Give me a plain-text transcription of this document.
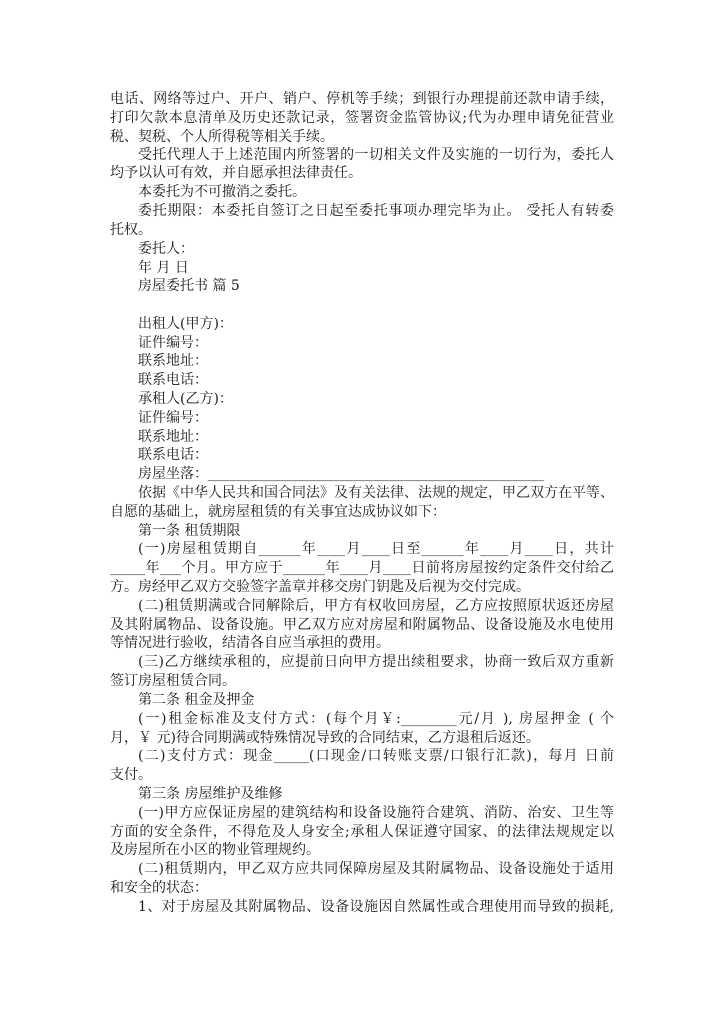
电话、网络等过户、开户、销户、停机等手续；到银行办理提前还款申请手续，
打印欠款本息清单及历史还款记录，签署资金监管协议;代为办理申请免征营业
税、契税、个人所得税等相关手续。
受托代理人于上述范围内所签署的一切相关文件及实施的一切行为，委托人
均予以认可有效，并自愿承担法律责任。
本委托为不可撤消之委托。
委托期限：本委托自签订之日起至委托事项办理完毕为止。 受托人有转委
托权。
委托人：
年 月 日
房屋委托书 篇 5
出租人(甲方)：
证件编号：
联系地址：
联系电话：
承租人(乙方)：
证件编号：
联系地址：
联系电话：
房屋坐落：________________________________________________
依据《中华人民共和国合同法》及有关法律、法规的规定，甲乙双方在平等、
自愿的基础上，就房屋租赁的有关事宜达成协议如下：
第一条 租赁期限
(一)房屋租赁期自______年____月____日至______年____月____日，共计
_____年___个月。甲方应于______年____月____日前将房屋按约定条件交付给乙
方。房经甲乙双方交验签字盖章并移交房门钥匙及后视为交付完成。
(二)租赁期满或合同解除后，甲方有权收回房屋，乙方应按照原状返还房屋
及其附属物品、设备设施。甲乙双方应对房屋和附属物品、设备设施及水电使用
等情况进行验收，结清各自应当承担的费用。
(三)乙方继续承租的，应提前日向甲方提出续租要求，协商一致后双方重新
签订房屋租赁合同。
第二条 租金及押金
(一)租金标准及支付方式：(每个月￥:________元/月 ), 房屋押金 ( 个
月，￥ 元)待合同期满或特殊情况导致的合同结束，乙方退租后返还。
(二)支付方式：现金_____(口现金/口转账支票/口银行汇款)，每月 日前
支付。
第三条 房屋维护及维修
(一)甲方应保证房屋的建筑结构和设备设施符合建筑、消防、治安、卫生等
方面的安全条件，不得危及人身安全;承租人保证遵守国家、的法律法规规定以
及房屋所在小区的物业管理规约。
(二)租赁期内，甲乙双方应共同保障房屋及其附属物品、设备设施处于适用
和安全的状态：
1、对于房屋及其附属物品、设备设施因自然属性或合理使用而导致的损耗,
